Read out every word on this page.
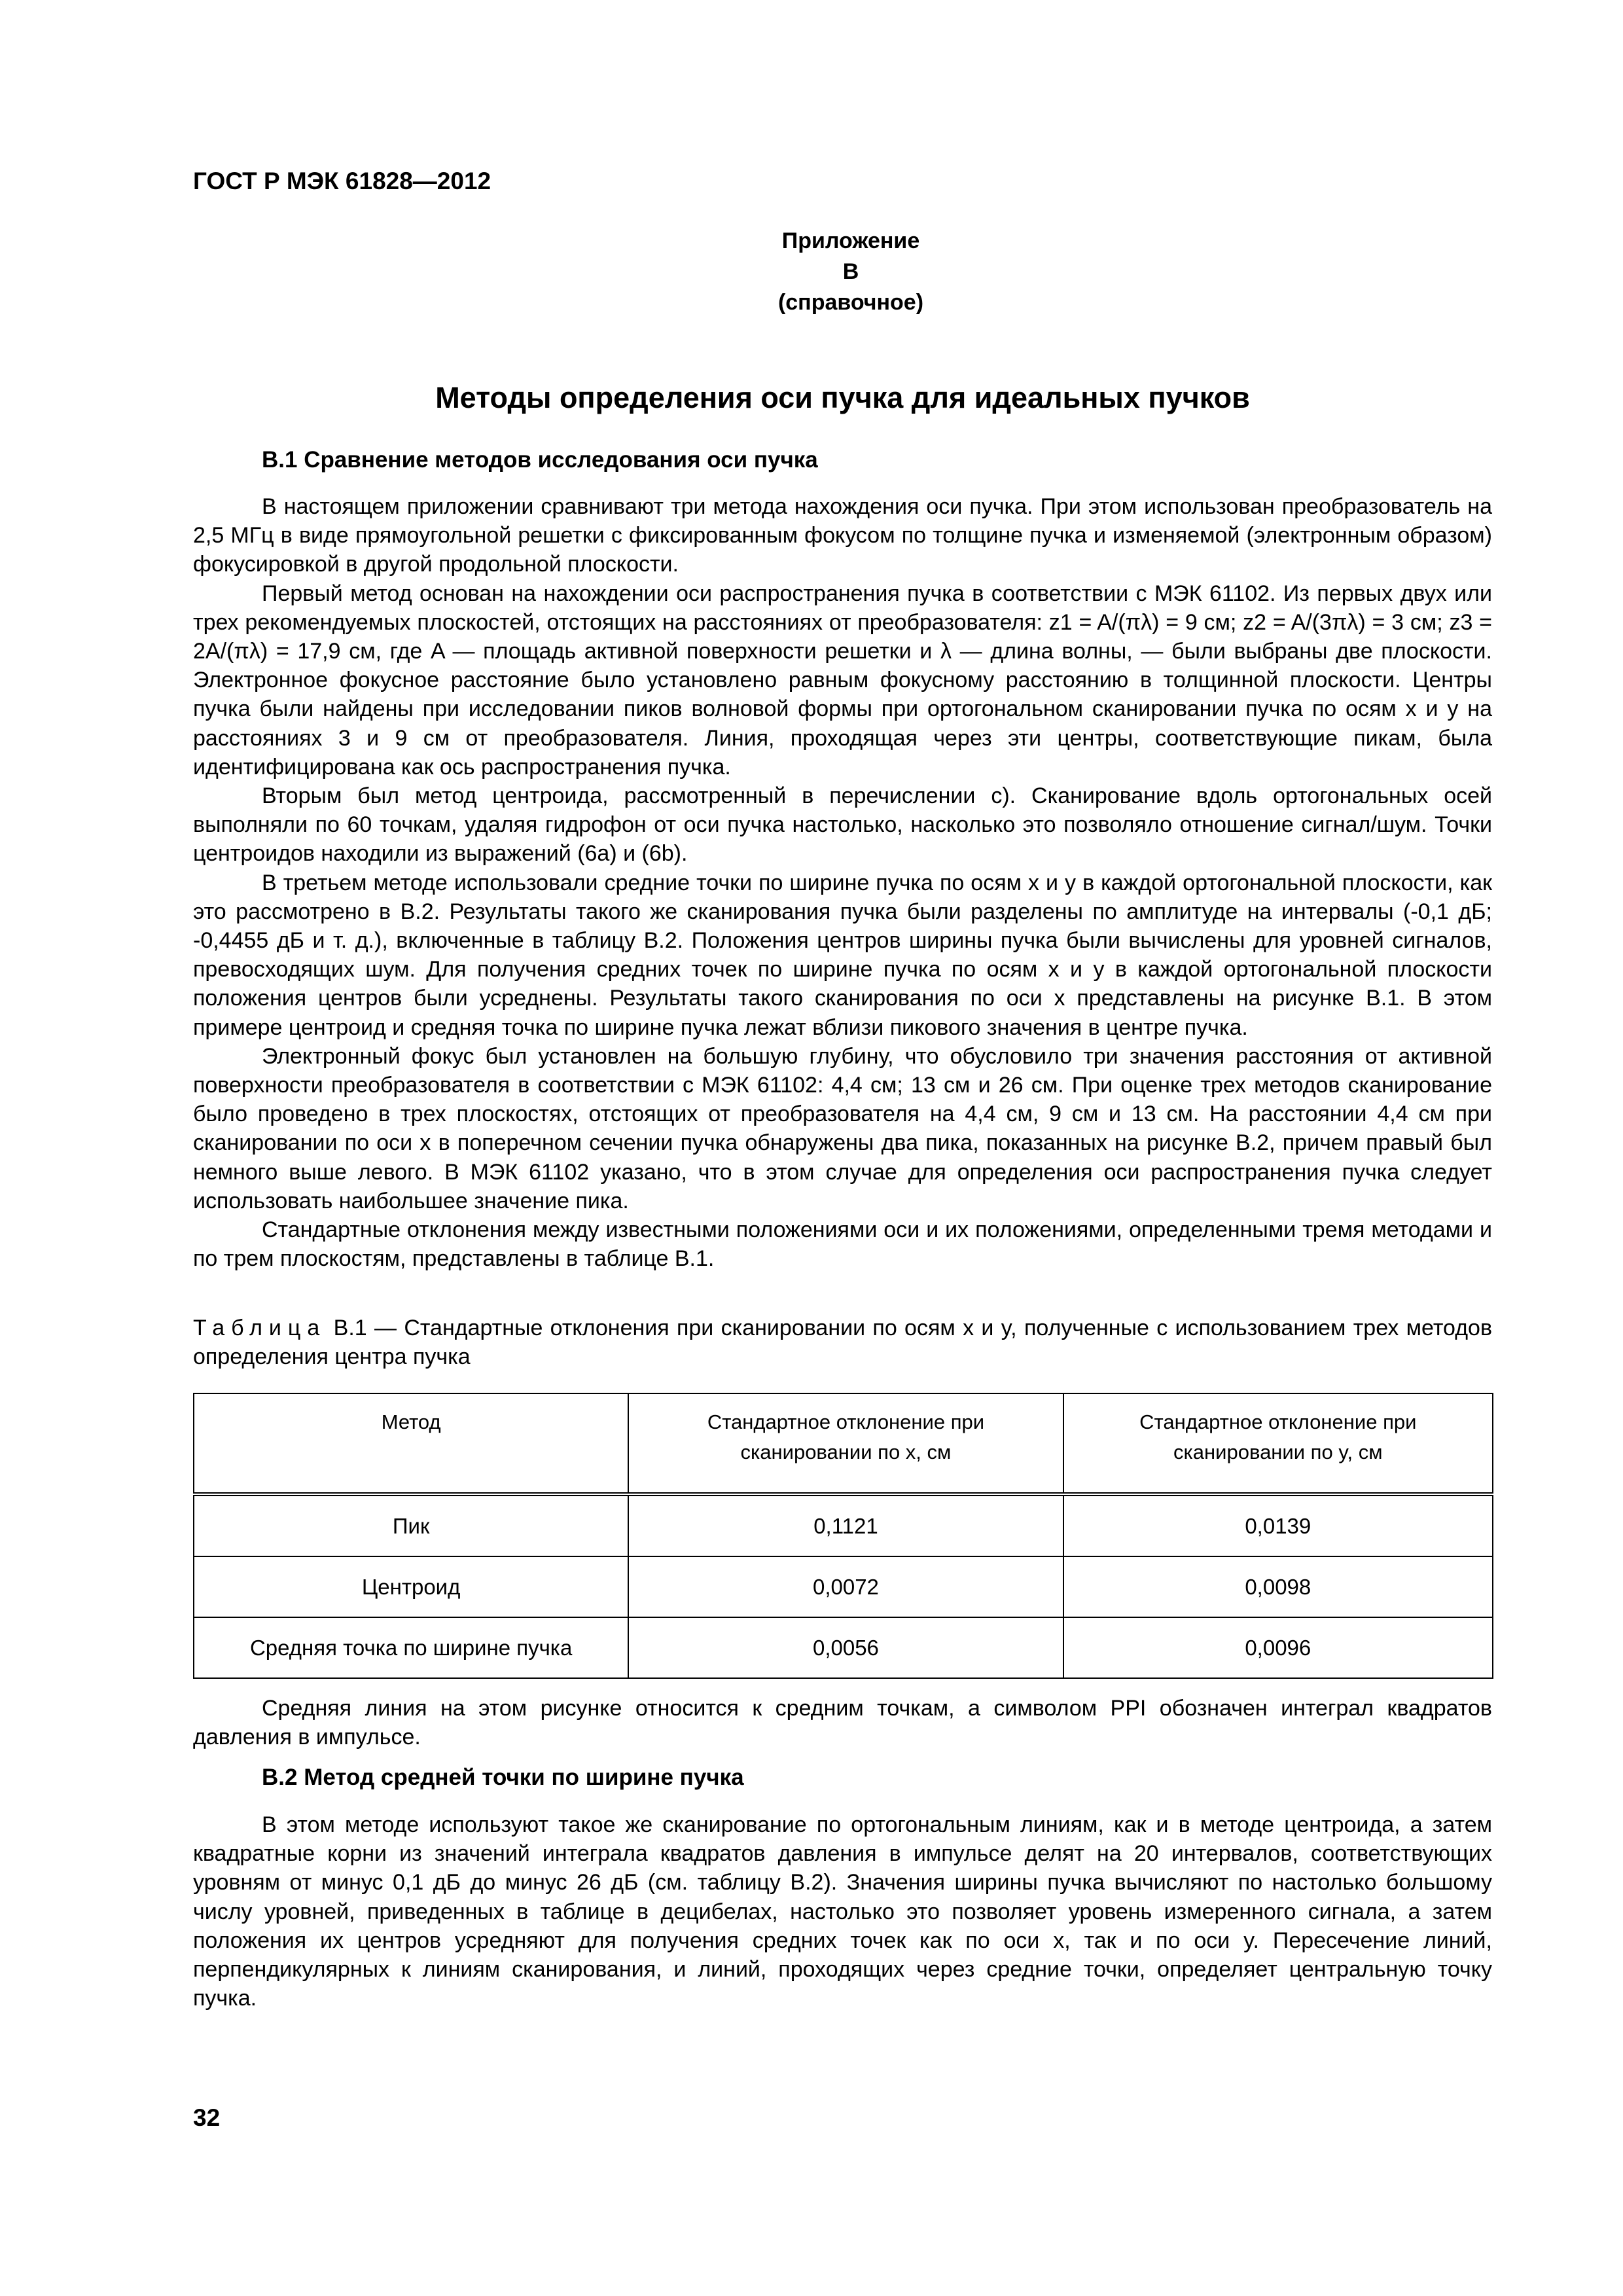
ГОСТ Р МЭК 61828—2012
Приложение В
(справочное)
Методы определения оси пучка для идеальных пучков
В.1 Сравнение методов исследования оси пучка

В настоящем приложении сравнивают три метода нахождения оси пучка. При этом использован преобразователь на 2,5 МГц в виде прямоугольной решетки с фиксированным фокусом по толщине пучка и изменяемой (электронным образом) фокусировкой в другой продольной плоскости.

Первый метод основан на нахождении оси распространения пучка в соответствии с МЭК 61102. Из первых двух или трех рекомендуемых плоскостей, отстоящих на расстояниях от преобразователя: z1 = A/(πλ) = 9 см; z2 = A/(3πλ) = 3 см; z3 = 2A/(πλ) = 17,9 см, где A — площадь активной поверхности решетки и λ — длина волны, — были выбраны две плоскости. Электронное фокусное расстояние было установлено равным фокусному расстоянию в толщинной плоскости. Центры пучка были найдены при исследовании пиков волновой формы при ортогональном сканировании пучка по осям x и y на расстояниях 3 и 9 см от преобразователя. Линия, проходящая через эти центры, соответствующие пикам, была идентифицирована как ось распространения пучка.

Вторым был метод центроида, рассмотренный в перечислении с). Сканирование вдоль ортогональных осей выполняли по 60 точкам, удаляя гидрофон от оси пучка настолько, насколько это позволяло отношение сигнал/шум. Точки центроидов находили из выражений (6а) и (6b).

В третьем методе использовали средние точки по ширине пучка по осям x и y в каждой ортогональной плоскости, как это рассмотрено в В.2. Результаты такого же сканирования пучка были разделены по амплитуде на интервалы (-0,1 дБ; -0,4455 дБ и т. д.), включенные в таблицу В.2. Положения центров ширины пучка были вычислены для уровней сигналов, превосходящих шум. Для получения средних точек по ширине пучка по осям x и y в каждой ортогональной плоскости положения центров были усреднены. Результаты такого сканирования по оси x представлены на рисунке В.1. В этом примере центроид и средняя точка по ширине пучка лежат вблизи пикового значения в центре пучка.

Электронный фокус был установлен на большую глубину, что обусловило три значения расстояния от активной поверхности преобразователя в соответствии с МЭК 61102: 4,4 см; 13 см и 26 см. При оценке трех методов сканирование было проведено в трех плоскостях, отстоящих от преобразователя на 4,4 см, 9 см и 13 см. На расстоянии 4,4 см при сканировании по оси x в поперечном сечении пучка обнаружены два пика, показанных на рисунке В.2, причем правый был немного выше левого. В МЭК 61102 указано, что в этом случае для определения оси распространения пучка следует использовать наибольшее значение пика.

Стандартные отклонения между известными положениями оси и их положениями, определенными тремя методами и по трем плоскостям, представлены в таблице В.1.

Таблица В.1 — Стандартные отклонения при сканировании по осям x и y, полученные с использованием трех методов определения центра пучка
Метод	Стандартное отклонение при сканировании по x, см	Стандартное отклонение при сканировании по y, см
Пик	0,1121	0,0139
Центроид	0,0072	0,0098
Средняя точка по ширине пучка	0,0056	0,0096

Средняя линия на этом рисунке относится к средним точкам, а символом PPI обозначен интеграл квадратов давления в импульсе.

В.2 Метод средней точки по ширине пучка

В этом методе используют такое же сканирование по ортогональным линиям, как и в методе центроида, а затем квадратные корни из значений интеграла квадратов давления в импульсе делят на 20 интервалов, соответствующих уровням от минус 0,1 дБ до минус 26 дБ (см. таблицу В.2). Значения ширины пучка вычисляют по настолько большому числу уровней, приведенных в таблице в децибелах, настолько это позволяет уровень измеренного сигнала, а затем положения их центров усредняют для получения средних точек как по оси x, так и по оси y. Пересечение линий, перпендикулярных к линиям сканирования, и линий, проходящих через средние точки, определяет центральную точку пучка.

32
